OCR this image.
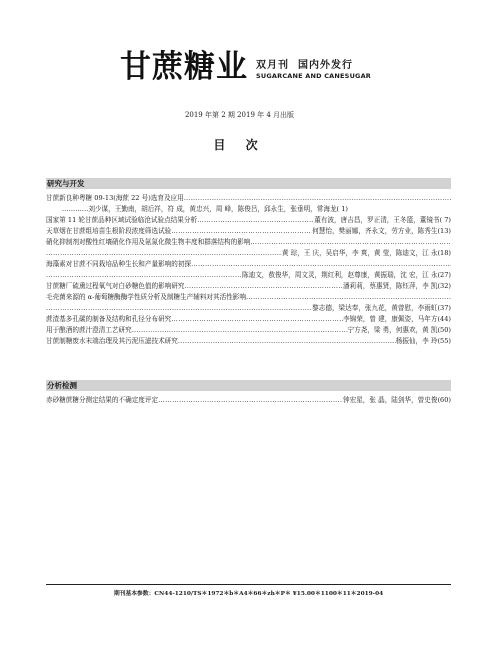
甘蔗糖业 双月刊 国内外发行
SUGARCANE AND CANESUGAR
2019 年第 2 期 2019 年 4 月出版
目 次
研究与开发
甘蔗新良种粤糖 09-13(海蔗 22 号)选育及应用
……………………………………………………………………………………………………………………………………………………………………………………
…………刘少谋，王勤南，胡后祥，符 成，黄忠兴，周 峰，陈俊吕，邱永生，张垂明，常海龙 ( 1)
国家第 11 轮甘蔗品种区域试验临沧试验点结果分析 ……………………………………………………………………………………………………………………………………………………………………………………	董有波，唐吉昌，罗正清，王冬篮，董镜书 ( 7)
天草烟在甘蔗组培苗生根阶段浓度筛选试验 ……………………………………………………………………………………………………………………………………………………………………………………	何慧怡，樊丽娜，齐永文，劳方业，陈秀生 (13)
硝化抑制剂对酸性红壤硝化作用及氨氮化微生物丰度和群落结构的影响
……………………………………………………………………………………………………………………………………………………………………………………
……………………………………………………………………………………………………………………………………………………………………………………
黄 琮，王 庆，吴启华，李 爽，黄 莹，陈迪文，江 永 (18)
海藻素对甘蔗不同栽培品种生长和产量影响的初探
……………………………………………………………………………………………………………………………………………………………………………………
……………………………………………………………………………………………………………………………………………………………………………………
陈迪文，敖俊华，周文灵，荆红利，赵尊康，黄振瑞，沈 宏，江 永 (27)
甘蔗糖厂硫熏过程氧气对白砂糖色值的影响研究 ……………………………………………………………………………………………………………………………………………………………………………………	潘莉莉，蔡惠贤，陈钰萍，李 凯 (32)
毛壳菌来源的 α-葡萄糖酶酶学性质分析及制糖生产辅料对其活性影响
……………………………………………………………………………………………………………………………………………………………………………………
……………………………………………………………………………………………………………………………………………………………………………………
黎志德，梁达奉，张九花，黄曾慰，李雨虹 (37)
蔗渣基多孔碳的制备及结构和孔径分布研究 ……………………………………………………………………………………………………………………………………………………………………………………	李锦荣，曾 建，康佩姿，马年方 (44)
用于酿酒的蔗汁澄清工艺研究 ……………………………………………………………………………………………………………………………………………………………………………………	宁方尧，梁 勇，何惠欢，黄 凯 (50)
甘蔗制糖废水末端治理及其污泥压滤技术研究 ……………………………………………………………………………………………………………………………………………………………………………………	杨振仙，李 玲 (55)
分析检测
赤砂糖蔗糖分测定结果的不确定度评定 ……………………………………………………………………………………………………………………………………………………………………………………	钟宏星，张 晶，陆剑华，曾史俊 (60)
期刊基本参数：CN44-1210/TS＊1972＊b＊A4＊66＊zh＊P＊ ¥15.00＊1100＊11＊2019-04
